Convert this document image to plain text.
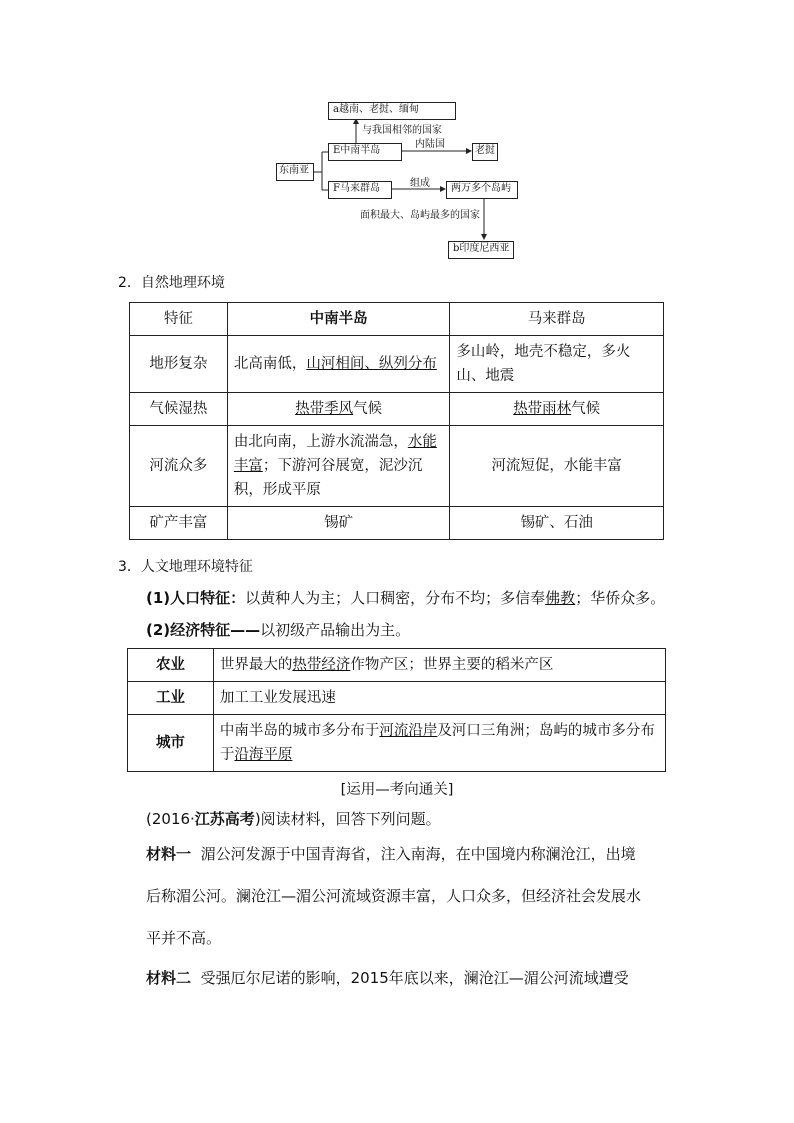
a越南、老挝、缅甸
与我国相邻的国家
E中南半岛
内陆国
老挝
东南亚
F马来群岛	组成	两万多个岛屿
面积最大、岛屿最多的国家
b印度尼西亚
2．自然地理环境
特征	中南半岛	马来群岛
地形复杂	北高南低，山河相间、纵列分布	多山岭，地壳不稳定，多火山、地震
气候湿热	热带季风气候	热带雨林气候
河流众多	由北向南，上游水流湍急，水能丰富；下游河谷展宽，泥沙沉积，形成平原	河流短促，水能丰富
矿产丰富	锡矿	锡矿、石油
3．人文地理环境特征
(1)人口特征：以黄种人为主；人口稠密，分布不均；多信奉佛教；华侨众多。
(2)经济特征——以初级产品输出为主。
农业	世界最大的热带经济作物产区；世界主要的稻米产区
工业	加工工业发展迅速
城市	中南半岛的城市多分布于河流沿岸及河口三角洲；岛屿的城市多分布于沿海平原
[运用—考向通关]
(2016·江苏高考)阅读材料，回答下列问题。
材料一 湄公河发源于中国青海省，注入南海，在中国境内称澜沧江，出境
后称湄公河。澜沧江—湄公河流域资源丰富，人口众多，但经济社会发展水
平并不高。
材料二 受强厄尔尼诺的影响，2015年底以来，澜沧江—湄公河流域遭受
